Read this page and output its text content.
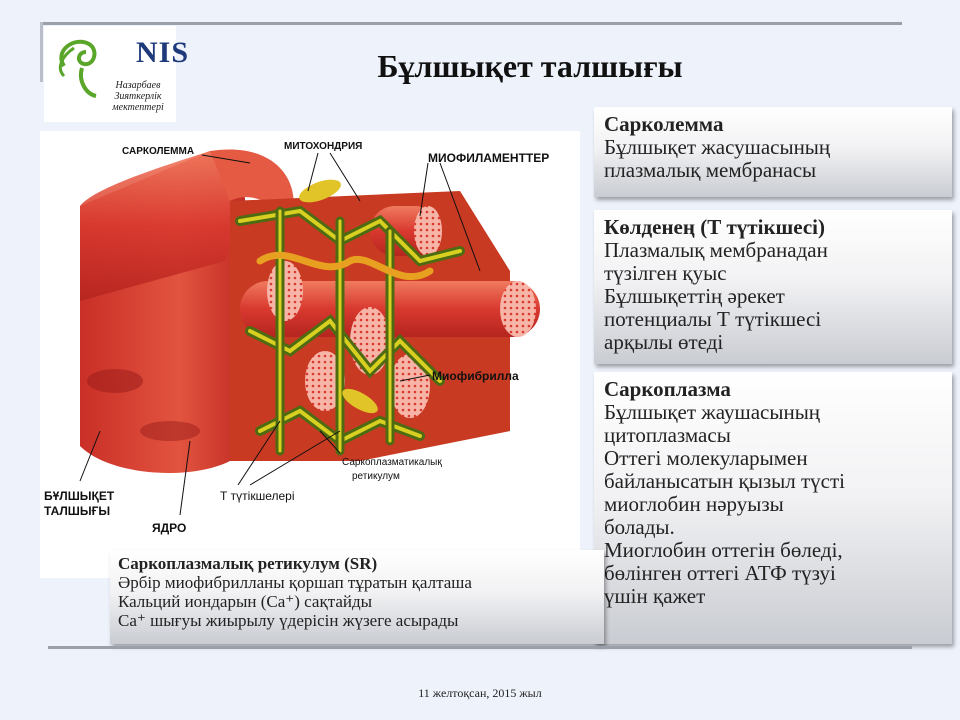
NIS
Назарбаев Зияткерлік мектептері
Бұлшықет талшығы
САРКОЛЕММА	МИТОХОНДРИЯ
МИОФИЛАМЕНТТЕР
Миофибрилла
Саркоплазматикалық
ретикулум
Т түтікшелері
ЯДРО
БҰЛШЫҚЕТ
ТАЛШЫҒЫ
Сарколемма
Бұлшықет жасушасының
плазмалық мембранасы
Көлденең (Т түтікшесі)
Плазмалық мембранадан
түзілген қуыс
Бұлшықеттің әрекет
потенциалы Т түтікшесі
арқылы өтеді
Саркоплазма
Бұлшықет жаушасының
цитоплазмасы
Оттегі молекуларымен
байланысатын қызыл түсті
миоглобин нәруызы
болады.
Миоглобин оттегін бөледі,
бөлінген оттегі АТФ түзуі
үшін қажет
Саркоплазмалық ретикулум (SR)
Әрбір миофибрилланы қоршап тұратын қалташа
Кальций иондарын (Са⁺) сақтайды
Са⁺ шығуы жиырылу үдерісін жүзеге асырады
11 желтоқсан, 2015 жыл
